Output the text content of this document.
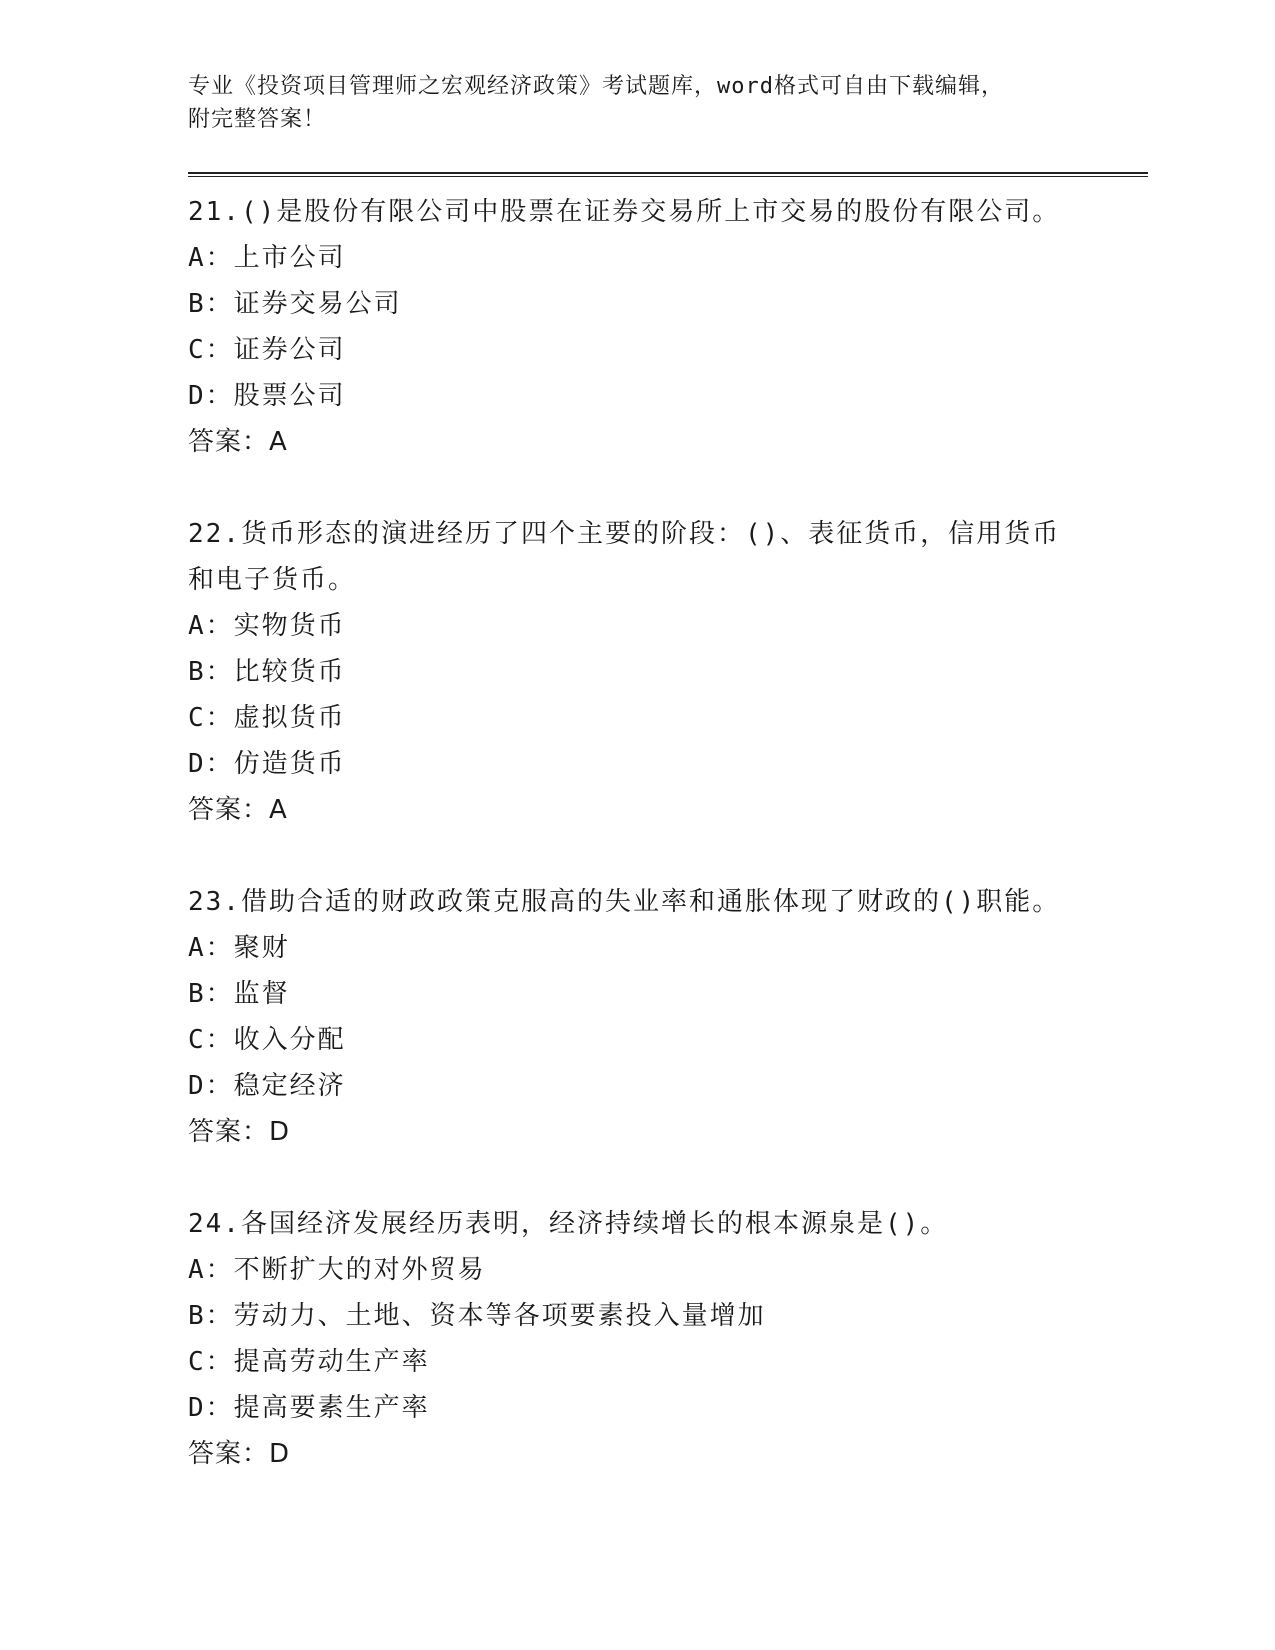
专业《投资项目管理师之宏观经济政策》考试题库，word格式可自由下载编辑，
附完整答案！
21.()是股份有限公司中股票在证券交易所上市交易的股份有限公司。
A：上市公司
B：证券交易公司
C：证券公司
D：股票公司
答案：A
22.货币形态的演进经历了四个主要的阶段：()、表征货币，信用货币和电子货币。
A：实物货币
B：比较货币
C：虚拟货币
D：仿造货币
答案：A
23.借助合适的财政政策克服高的失业率和通胀体现了财政的()职能。
A：聚财
B：监督
C：收入分配
D：稳定经济
答案：D
24.各国经济发展经历表明，经济持续增长的根本源泉是()。
A：不断扩大的对外贸易
B：劳动力、土地、资本等各项要素投入量增加
C：提高劳动生产率
D：提高要素生产率
答案：D
